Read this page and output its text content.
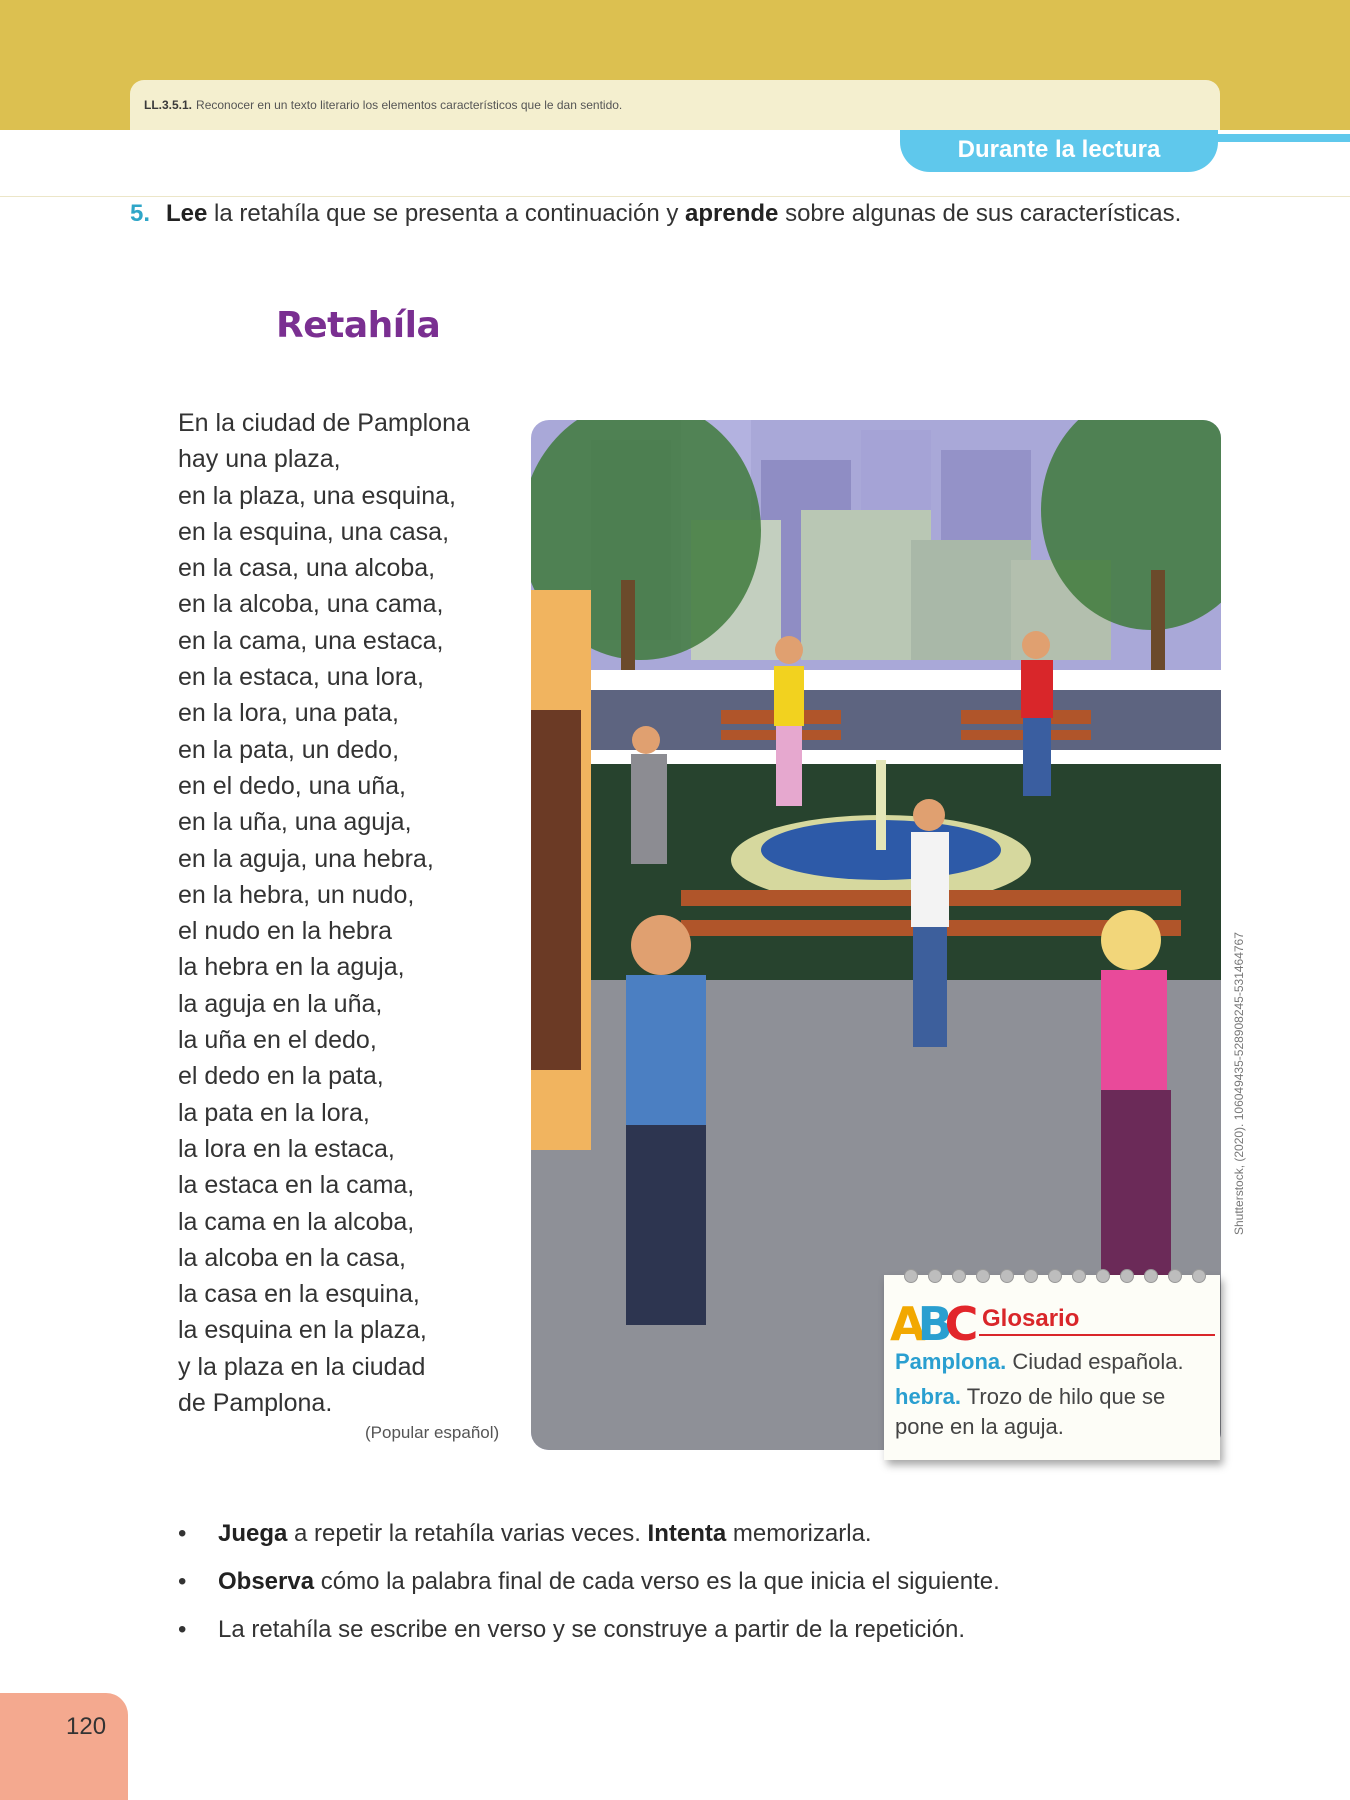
LL.3.5.1. Reconocer en un texto literario los elementos característicos que le dan sentido.
Durante la lectura
5. Lee la retahíla que se presenta a continuación y aprende sobre algunas de sus características.
Retahíla
En la ciudad de Pamplona
hay una plaza,
en la plaza, una esquina,
en la esquina, una casa,
en la casa, una alcoba,
en la alcoba, una cama,
en la cama, una estaca,
en la estaca, una lora,
en la lora, una pata,
en la pata, un dedo,
en el dedo, una uña,
en la uña, una aguja,
en la aguja, una hebra,
en la hebra, un nudo,
el nudo en la hebra
la hebra en la aguja,
la aguja en la uña,
la uña en el dedo,
el dedo en la pata,
la pata en la lora,
la lora en la estaca,
la estaca en la cama,
la cama en la alcoba,
la alcoba en la casa,
la casa en la esquina,
la esquina en la plaza,
y la plaza en la ciudad
de Pamplona.
(Popular español)
Shutterstock, (2020). 106049435-528908245-531464767
ABC Glosario
Pamplona. Ciudad española.
hebra. Trozo de hilo que se pone en la aguja.
• Juega a repetir la retahíla varias veces. Intenta memorizarla.
• Observa cómo la palabra final de cada verso es la que inicia el siguiente.
• La retahíla se escribe en verso y se construye a partir de la repetición.
120
